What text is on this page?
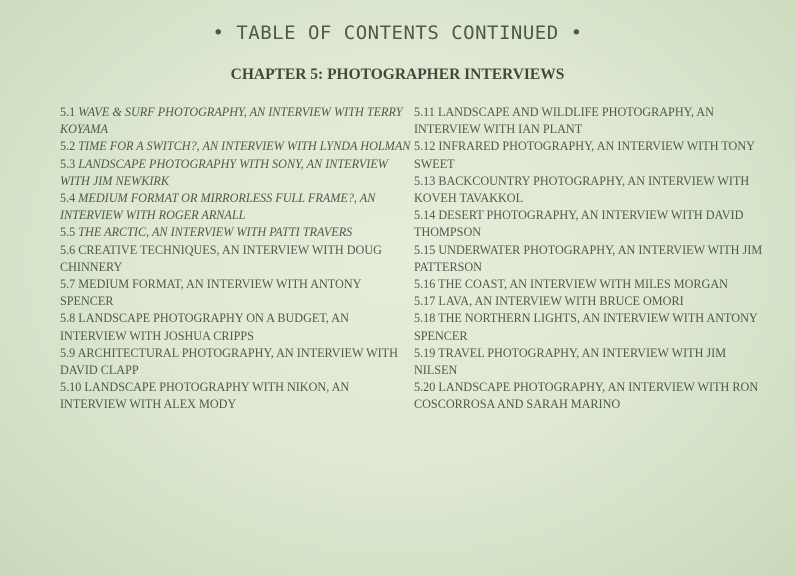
• TABLE OF CONTENTS CONTINUED •
CHAPTER 5: PHOTOGRAPHER INTERVIEWS

5.1 WAVE & SURF PHOTOGRAPHY, AN INTERVIEW WITH TERRY KOYAMA

5.2 TIME FOR A SWITCH?, AN INTERVIEW WITH LYNDA HOLMAN

5.3 LANDSCAPE PHOTOGRAPHY WITH SONY, AN INTERVIEW WITH JIM NEWKIRK

5.4 MEDIUM FORMAT OR MIRRORLESS FULL FRAME?, AN INTERVIEW WITH ROGER ARNALL

5.5 THE ARCTIC, AN INTERVIEW WITH PATTI TRAVERS

5.6 CREATIVE TECHNIQUES, AN INTERVIEW WITH DOUG CHINNERY

5.7 MEDIUM FORMAT, AN INTERVIEW WITH ANTONY SPENCER

5.8 LANDSCAPE PHOTOGRAPHY ON A BUDGET, AN INTERVIEW WITH JOSHUA CRIPPS

5.9 ARCHITECTURAL PHOTOGRAPHY, AN INTERVIEW WITH DAVID CLAPP

5.10 LANDSCAPE PHOTOGRAPHY WITH NIKON, AN INTERVIEW WITH ALEX MODY

5.11 LANDSCAPE AND WILDLIFE PHOTOGRAPHY, AN INTERVIEW WITH IAN PLANT

5.12 INFRARED PHOTOGRAPHY, AN INTERVIEW WITH TONY SWEET

5.13 BACKCOUNTRY PHOTOGRAPHY, AN INTERVIEW WITH KOVEH TAVAKKOL

5.14 DESERT PHOTOGRAPHY, AN INTERVIEW WITH DAVID THOMPSON

5.15 UNDERWATER PHOTOGRAPHY, AN INTERVIEW WITH JIM PATTERSON

5.16 THE COAST, AN INTERVIEW WITH MILES MORGAN

5.17 LAVA, AN INTERVIEW WITH BRUCE OMORI

5.18 THE NORTHERN LIGHTS, AN INTERVIEW WITH ANTONY SPENCER

5.19 TRAVEL PHOTOGRAPHY, AN INTERVIEW WITH JIM NILSEN

5.20 LANDSCAPE PHOTOGRAPHY, AN INTERVIEW WITH RON COSCORROSA AND SARAH MARINO
